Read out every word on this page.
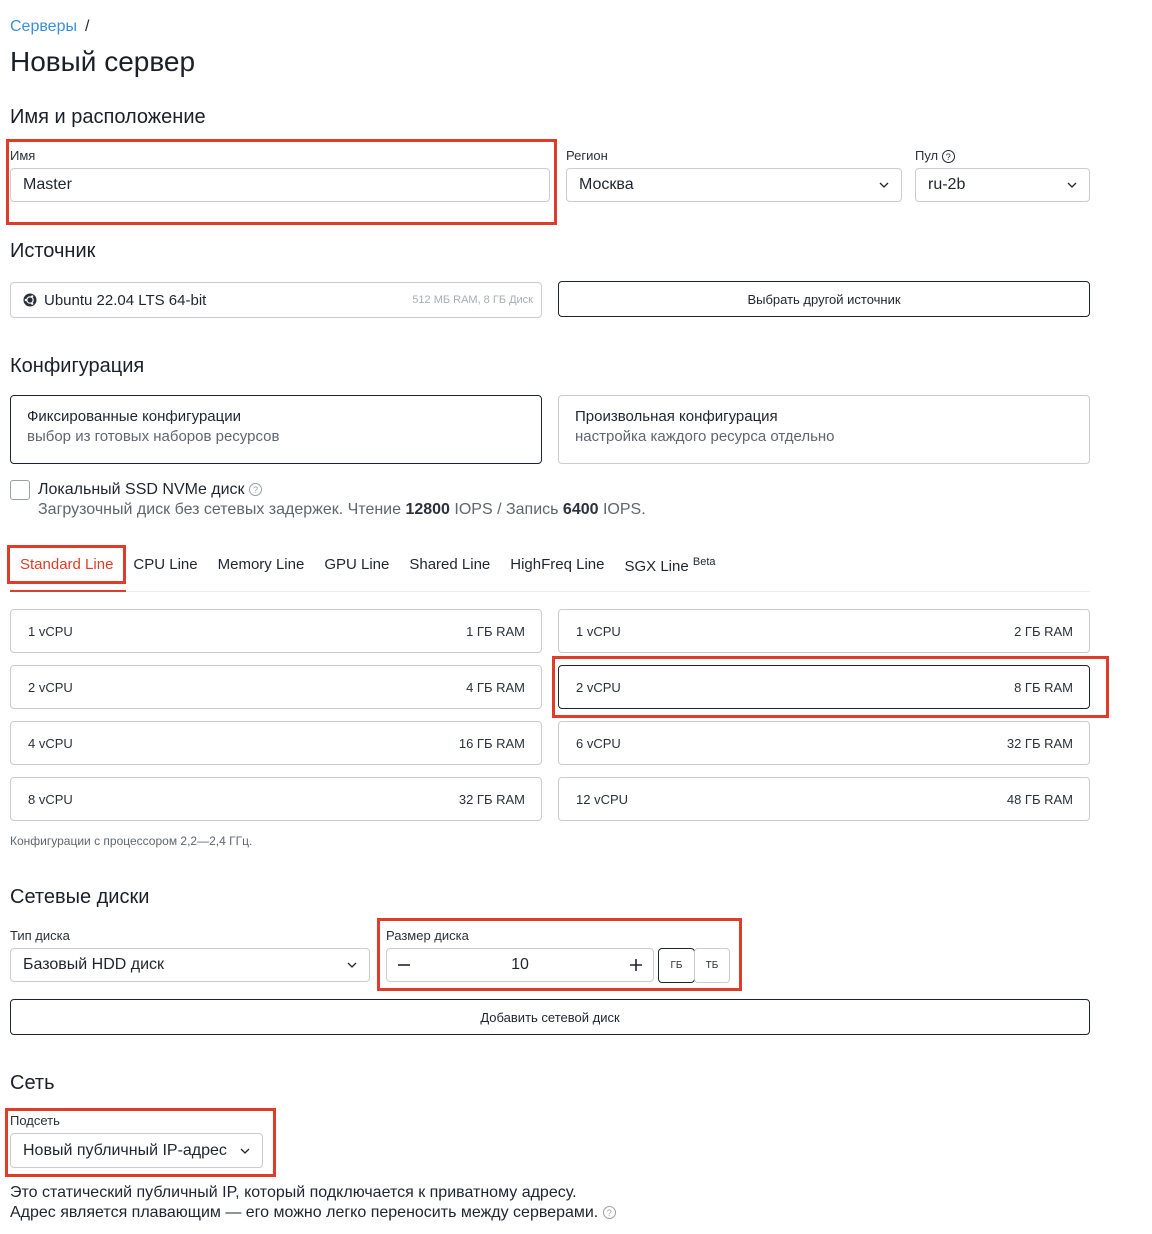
Серверы /
Новый сервер
Имя и расположение
Имя
Master
Регион
Москва
Пул ?
ru-2b
Источник
Ubuntu 22.04 LTS 64-bit	512 МБ RAM, 8 ГБ Диск	Выбрать другой источник
Конфигурация
Фиксированные конфигурации
выбор из готовых наборов ресурсов
Произвольная конфигурация
настройка каждого ресурса отдельно
Локальный SSD NVMe диск ?
Загрузочный диск без сетевых задержек. Чтение 12800 IOPS / Запись 6400 IOPS.
Standard Line CPU Line Memory Line GPU Line Shared Line HighFreq Line SGX Line $^{Beta}$
1 vCPU	1 ГБ RAM	1 vCPU	2 ГБ RAM
2 vCPU	4 ГБ RAM	2 vCPU	8 ГБ RAM
4 vCPU	16 ГБ RAM	6 vCPU	32 ГБ RAM
8 vCPU	32 ГБ RAM	12 vCPU	48 ГБ RAM
Конфигурации с процессором 2,2—2,4 ГГц.
Сетевые диски
Тип диска
Базовый HDD диск
Размер диска
10	ГБ	ТБ
Добавить сетевой диск
Сеть
Подсеть
Новый публичный IP-адрес
Это статический публичный IP, который подключается к приватному адресу.
Адрес является плавающим — его можно легко переносить между серверами. ?
